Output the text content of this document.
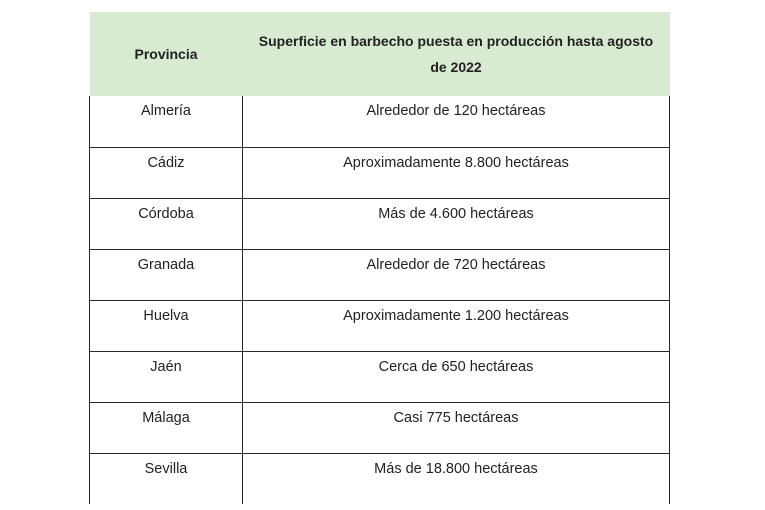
Provincia	Superficie en barbecho puesta en producción hasta agosto de 2022
Almería	Alrededor de 120 hectáreas
Cádiz	Aproximadamente 8.800 hectáreas
Córdoba	Más de 4.600 hectáreas
Granada	Alrededor de 720 hectáreas
Huelva	Aproximadamente 1.200 hectáreas
Jaén	Cerca de 650 hectáreas
Málaga	Casi 775 hectáreas
Sevilla	Más de 18.800 hectáreas
